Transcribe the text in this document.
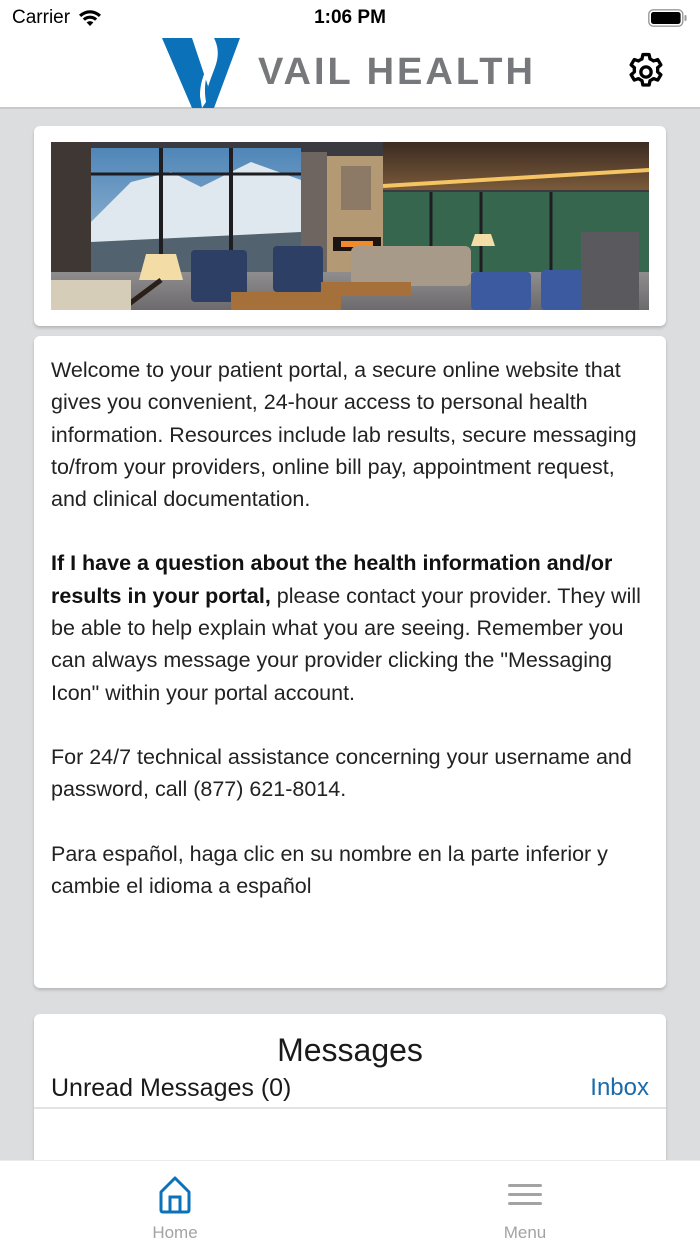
Carrier	1:06 PM
VAIL HEALTH

Welcome to your patient portal, a secure online website that gives you convenient, 24-hour access to personal health information. Resources include lab results, secure messaging to/from your providers, online bill pay, appointment request, and clinical documentation.

If I have a question about the health information and/or results in your portal, please contact your provider. They will be able to help explain what you are seeing. Remember you can always message your provider clicking the "Messaging Icon" within your portal account.

For 24/7 technical assistance concerning your username and password, call (877) 621-8014.

Para español, haga clic en su nombre en la parte inferior y cambie el idioma a español

Messages
Unread Messages (0)	Inbox
Home	Menu
